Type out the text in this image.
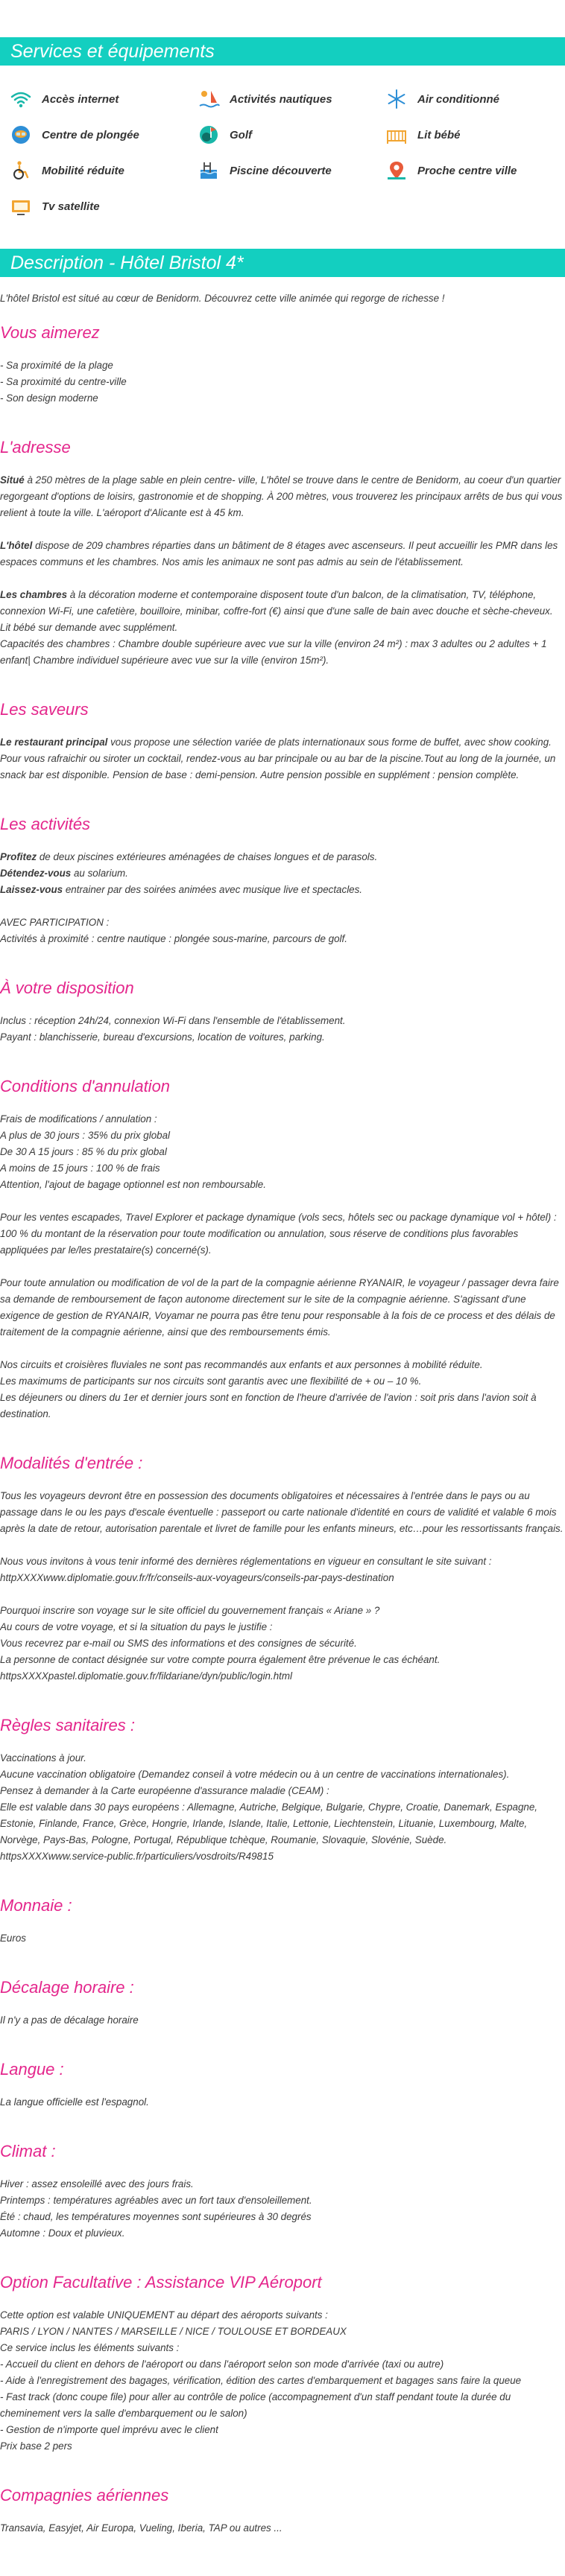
Services et équipements
Accès internet	Activités nautiques	Air conditionné
Centre de plongée	Golf	Lit bébé
Mobilité réduite	Piscine découverte	Proche centre ville
Tv satellite
Description - Hôtel Bristol 4*

L'hôtel Bristol est situé au cœur de Benidorm. Découvrez cette ville animée qui regorge de richesse !

Vous aimerez

- Sa proximité de la plage
- Sa proximité du centre-ville
- Son design moderne

L'adresse

Situé à 250 mètres de la plage sable en plein centre- ville, L'hôtel se trouve dans le centre de Benidorm, au coeur d'un quartier regorgeant d'options de loisirs, gastronomie et de shopping. À 200 mètres, vous trouverez les principaux arrêts de bus qui vous relient à toute la ville. L'aéroport d'Alicante est à 45 km.

L'hôtel dispose de 209 chambres réparties dans un bâtiment de 8 étages avec ascenseurs. Il peut accueillir les PMR dans les espaces communs et les chambres. Nos amis les animaux ne sont pas admis au sein de l'établissement.

Les chambres à la décoration moderne et contemporaine disposent toute d'un balcon, de la climatisation, TV, téléphone, connexion Wi-Fi, une cafetière, bouilloire, minibar, coffre-fort (€) ainsi que d'une salle de bain avec douche et sèche-cheveux. Lit bébé sur demande avec supplément.

Capacités des chambres : Chambre double supérieure avec vue sur la ville (environ 24 m²) : max 3 adultes ou 2 adultes + 1 enfant| Chambre individuel supérieure avec vue sur la ville (environ 15m²).

Les saveurs

Le restaurant principal vous propose une sélection variée de plats internationaux sous forme de buffet, avec show cooking.

Pour vous rafraichir ou siroter un cocktail, rendez-vous au bar principale ou au bar de la piscine.Tout au long de la journée, un snack bar est disponible. Pension de base : demi-pension. Autre pension possible en supplément : pension complète.

Les activités

Profitez de deux piscines extérieures aménagées de chaises longues et de parasols.
Détendez-vous au solarium.
Laissez-vous entrainer par des soirées animées avec musique live et spectacles.

AVEC PARTICIPATION :
Activités à proximité : centre nautique : plongée sous-marine, parcours de golf.

À votre disposition

Inclus : réception 24h/24, connexion Wi-Fi dans l'ensemble de l'établissement.
Payant : blanchisserie, bureau d'excursions, location de voitures, parking.

Conditions d'annulation

Frais de modifications / annulation :
A plus de 30 jours : 35% du prix global
De 30 A 15 jours : 85 % du prix global
A moins de 15 jours : 100 % de frais
Attention, l'ajout de bagage optionnel est non remboursable.

Pour les ventes escapades, Travel Explorer et package dynamique (vols secs, hôtels sec ou package dynamique vol + hôtel) : 100 % du montant de la réservation pour toute modification ou annulation, sous réserve de conditions plus favorables appliquées par le/les prestataire(s) concerné(s).

Pour toute annulation ou modification de vol de la part de la compagnie aérienne RYANAIR, le voyageur / passager devra faire sa demande de remboursement de façon autonome directement sur le site de la compagnie aérienne. S'agissant d'une exigence de gestion de RYANAIR, Voyamar ne pourra pas être tenu pour responsable à la fois de ce process et des délais de traitement de la compagnie aérienne, ainsi que des remboursements émis.

Nos circuits et croisières fluviales ne sont pas recommandés aux enfants et aux personnes à mobilité réduite.
Les maximums de participants sur nos circuits sont garantis avec une flexibilité de + ou – 10 %.
Les déjeuners ou diners du 1er et dernier jours sont en fonction de l'heure d'arrivée de l'avion : soit pris dans l'avion soit à destination.

Modalités d'entrée :

Tous les voyageurs devront être en possession des documents obligatoires et nécessaires à l'entrée dans le pays ou au passage dans le ou les pays d'escale éventuelle : passeport ou carte nationale d'identité en cours de validité et valable 6 mois après la date de retour, autorisation parentale et livret de famille pour les enfants mineurs, etc…pour les ressortissants français.

Nous vous invitons à vous tenir informé des dernières réglementations en vigueur en consultant le site suivant : httpXXXXwww.diplomatie.gouv.fr/fr/conseils-aux-voyageurs/conseils-par-pays-destination

Pourquoi inscrire son voyage sur le site officiel du gouvernement français « Ariane » ?
Au cours de votre voyage, et si la situation du pays le justifie :
Vous recevrez par e-mail ou SMS des informations et des consignes de sécurité.
La personne de contact désignée sur votre compte pourra également être prévenue le cas échéant.
httpsXXXXpastel.diplomatie.gouv.fr/fildariane/dyn/public/login.html

Règles sanitaires :

Vaccinations à jour.
Aucune vaccination obligatoire (Demandez conseil à votre médecin ou à un centre de vaccinations internationales).
Pensez à demander à la Carte européenne d'assurance maladie (CEAM) :
Elle est valable dans 30 pays européens : Allemagne, Autriche, Belgique, Bulgarie, Chypre, Croatie, Danemark, Espagne, Estonie, Finlande, France, Grèce, Hongrie, Irlande, Islande, Italie, Lettonie, Liechtenstein, Lituanie, Luxembourg, Malte, Norvège, Pays-Bas, Pologne, Portugal, République tchèque, Roumanie, Slovaquie, Slovénie, Suède.
httpsXXXXwww.service-public.fr/particuliers/vosdroits/R49815

Monnaie :

Euros

Décalage horaire :

Il n'y a pas de décalage horaire

Langue :

La langue officielle est l'espagnol.

Climat :

Hiver : assez ensoleillé avec des jours frais.
Printemps : températures agréables avec un fort taux d'ensoleillement.
Été : chaud, les températures moyennes sont supérieures à 30 degrés
Automne : Doux et pluvieux.

Option Facultative : Assistance VIP Aéroport

Cette option est valable UNIQUEMENT au départ des aéroports suivants :
PARIS / LYON / NANTES / MARSEILLE / NICE / TOULOUSE ET BORDEAUX
Ce service inclus les éléments suivants :
- Accueil du client en dehors de l'aéroport ou dans l'aéroport selon son mode d'arrivée (taxi ou autre)
- Aide à l'enregistrement des bagages, vérification, édition des cartes d'embarquement et bagages sans faire la queue
- Fast track (donc coupe file) pour aller au contrôle de police (accompagnement d'un staff pendant toute la durée du cheminement vers la salle d'embarquement ou le salon)
- Gestion de n'importe quel imprévu avec le client
Prix base 2 pers

Compagnies aériennes

Transavia, Easyjet, Air Europa, Vueling, Iberia, TAP ou autres ...
